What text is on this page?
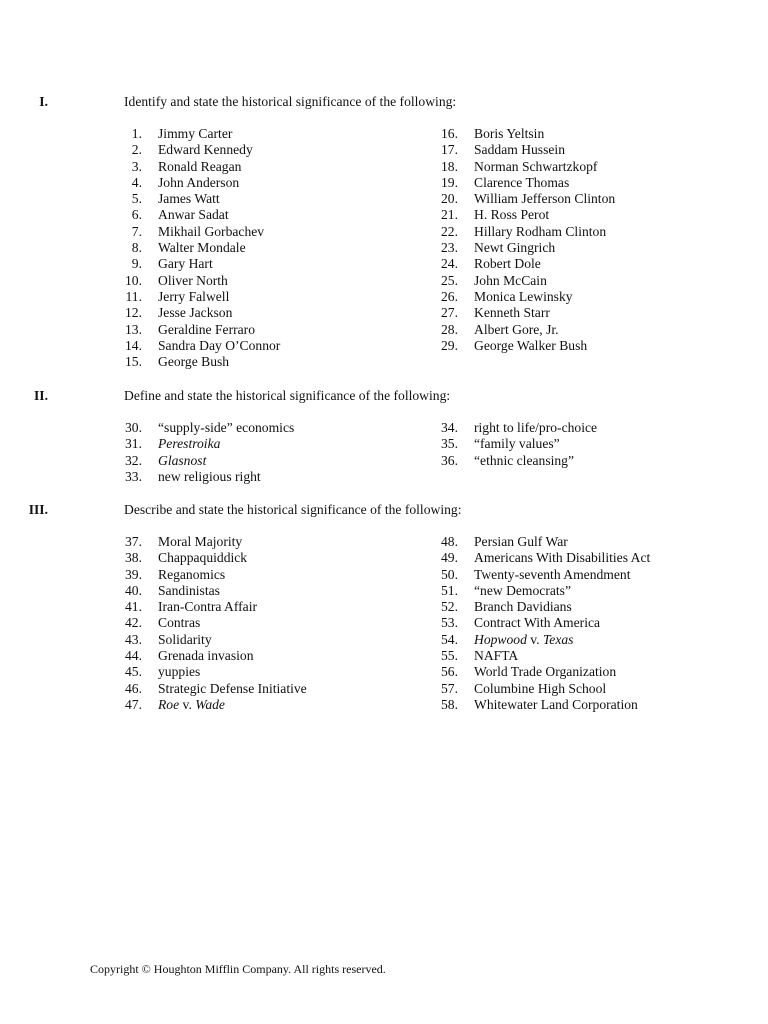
I.	Identify and state the historical significance of the following:
1. Jimmy Carter
2. Edward Kennedy
3. Ronald Reagan
4. John Anderson
5. James Watt
6. Anwar Sadat
7. Mikhail Gorbachev
8. Walter Mondale
9. Gary Hart
10. Oliver North
11. Jerry Falwell
12. Jesse Jackson
13. Geraldine Ferraro
14. Sandra Day O’Connor
15. George Bush
16. Boris Yeltsin
17. Saddam Hussein
18. Norman Schwartzkopf
19. Clarence Thomas
20. William Jefferson Clinton
21. H. Ross Perot
22. Hillary Rodham Clinton
23. Newt Gingrich
24. Robert Dole
25. John McCain
26. Monica Lewinsky
27. Kenneth Starr
28. Albert Gore, Jr.
29. George Walker Bush
II.	Define and state the historical significance of the following:
30. “supply-side” economics
31. Perestroika
32. Glasnost
33. new religious right
34. right to life/pro-choice
35. “family values”
36. “ethnic cleansing”
III.	Describe and state the historical significance of the following:
37. Moral Majority
38. Chappaquiddick
39. Reganomics
40. Sandinistas
41. Iran-Contra Affair
42. Contras
43. Solidarity
44. Grenada invasion
45. yuppies
46. Strategic Defense Initiative
47. Roe v. Wade
48. Persian Gulf War
49. Americans With Disabilities Act
50. Twenty-seventh Amendment
51. “new Democrats”
52. Branch Davidians
53. Contract With America
54. Hopwood v. Texas
55. NAFTA
56. World Trade Organization
57. Columbine High School
58. Whitewater Land Corporation
Copyright © Houghton Mifflin Company. All rights reserved.
